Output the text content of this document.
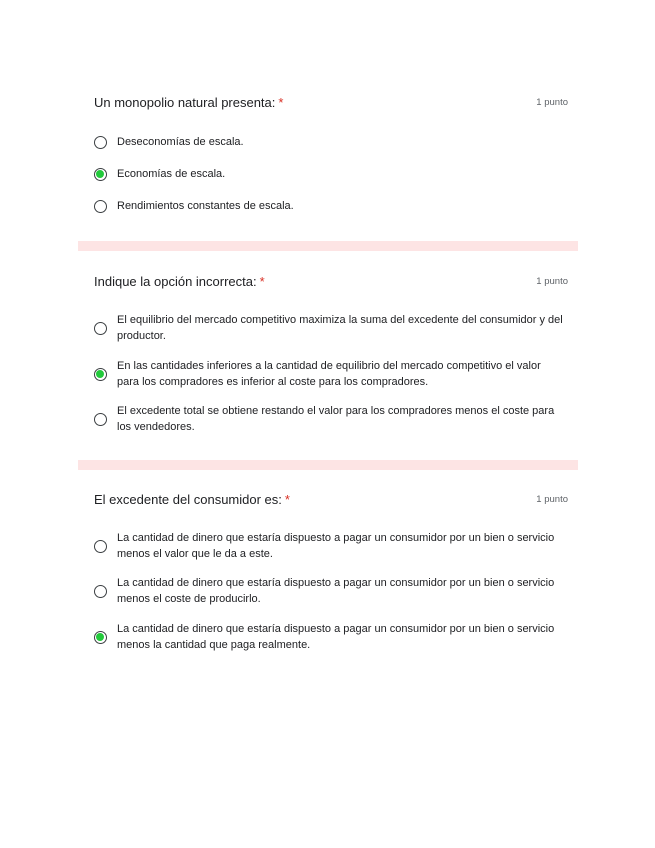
Un monopolio natural presenta: *	1 punto
Deseconomías de escala.
Economías de escala.
Rendimientos constantes de escala.
Indique la opción incorrecta: *	1 punto
El equilibrio del mercado competitivo maximiza la suma del excedente del consumidor y del productor.
En las cantidades inferiores a la cantidad de equilibrio del mercado competitivo el valor para los compradores es inferior al coste para los compradores.
El excedente total se obtiene restando el valor para los compradores menos el coste para los vendedores.
El excedente del consumidor es: *	1 punto
La cantidad de dinero que estaría dispuesto a pagar un consumidor por un bien o servicio menos el valor que le da a este.
La cantidad de dinero que estaría dispuesto a pagar un consumidor por un bien o servicio menos el coste de producirlo.
La cantidad de dinero que estaría dispuesto a pagar un consumidor por un bien o servicio menos la cantidad que paga realmente.
